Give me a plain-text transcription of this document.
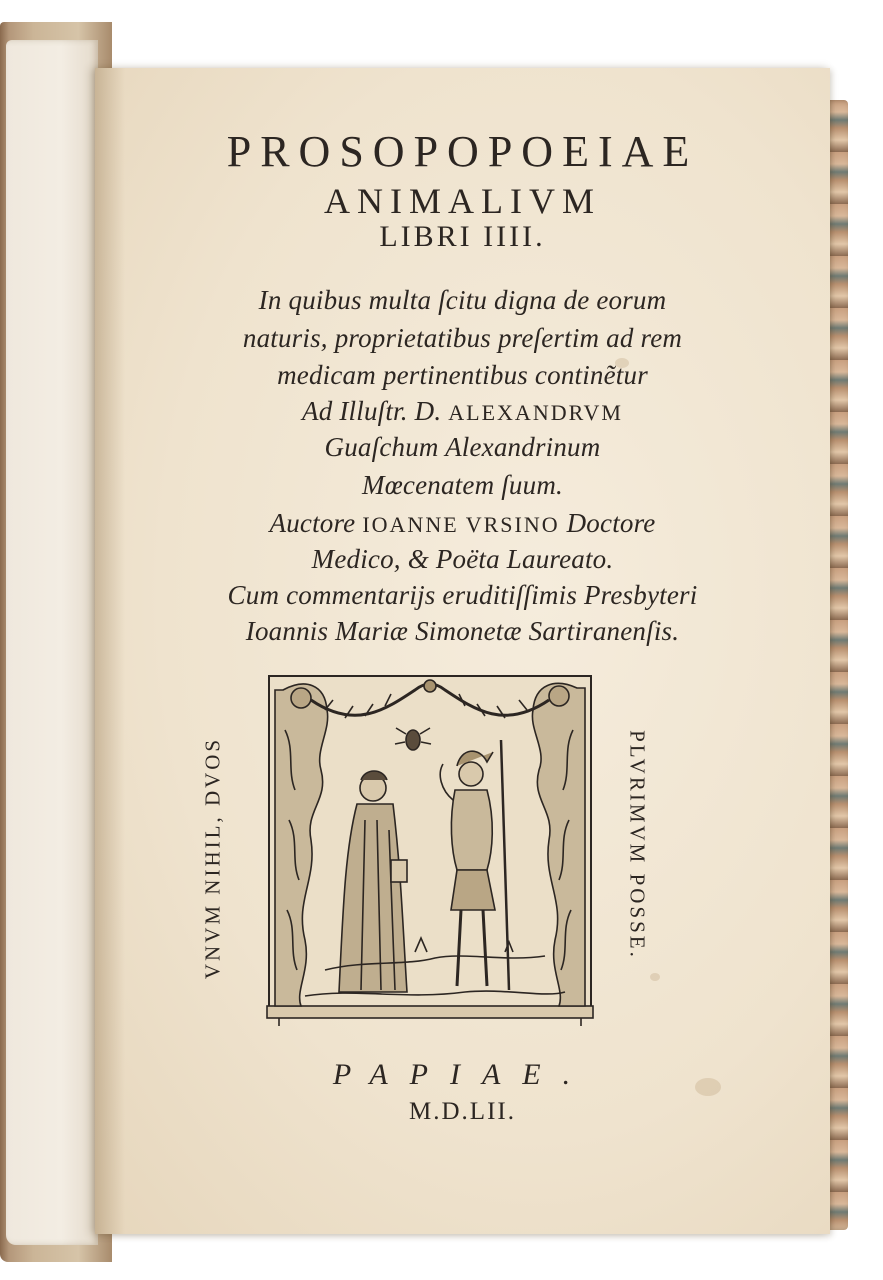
PROSOPOPOEIAE
ANIMALIVM
LIBRI IIII.
In quibus multa ſcitu digna de eorum
naturis, proprietatibus preſertim ad rem
medicam pertinentibus continẽtur
Ad Illuſtr. D. ALEXANDRVM
Guaſchum Alexandrinum
Mœcenatem ſuum.
Auctore IOANNE VRSINO Doctore
Medico, & Poëta Laureato.
Cum commentarijs eruditiſſimis Presbyteri
Ioannis Mariæ Simonetæ Sartiranenſis.
VNVM NIHIL, DVOS	PLVRIMVM POSSE.
PAPIAE.
M.D.LII.
